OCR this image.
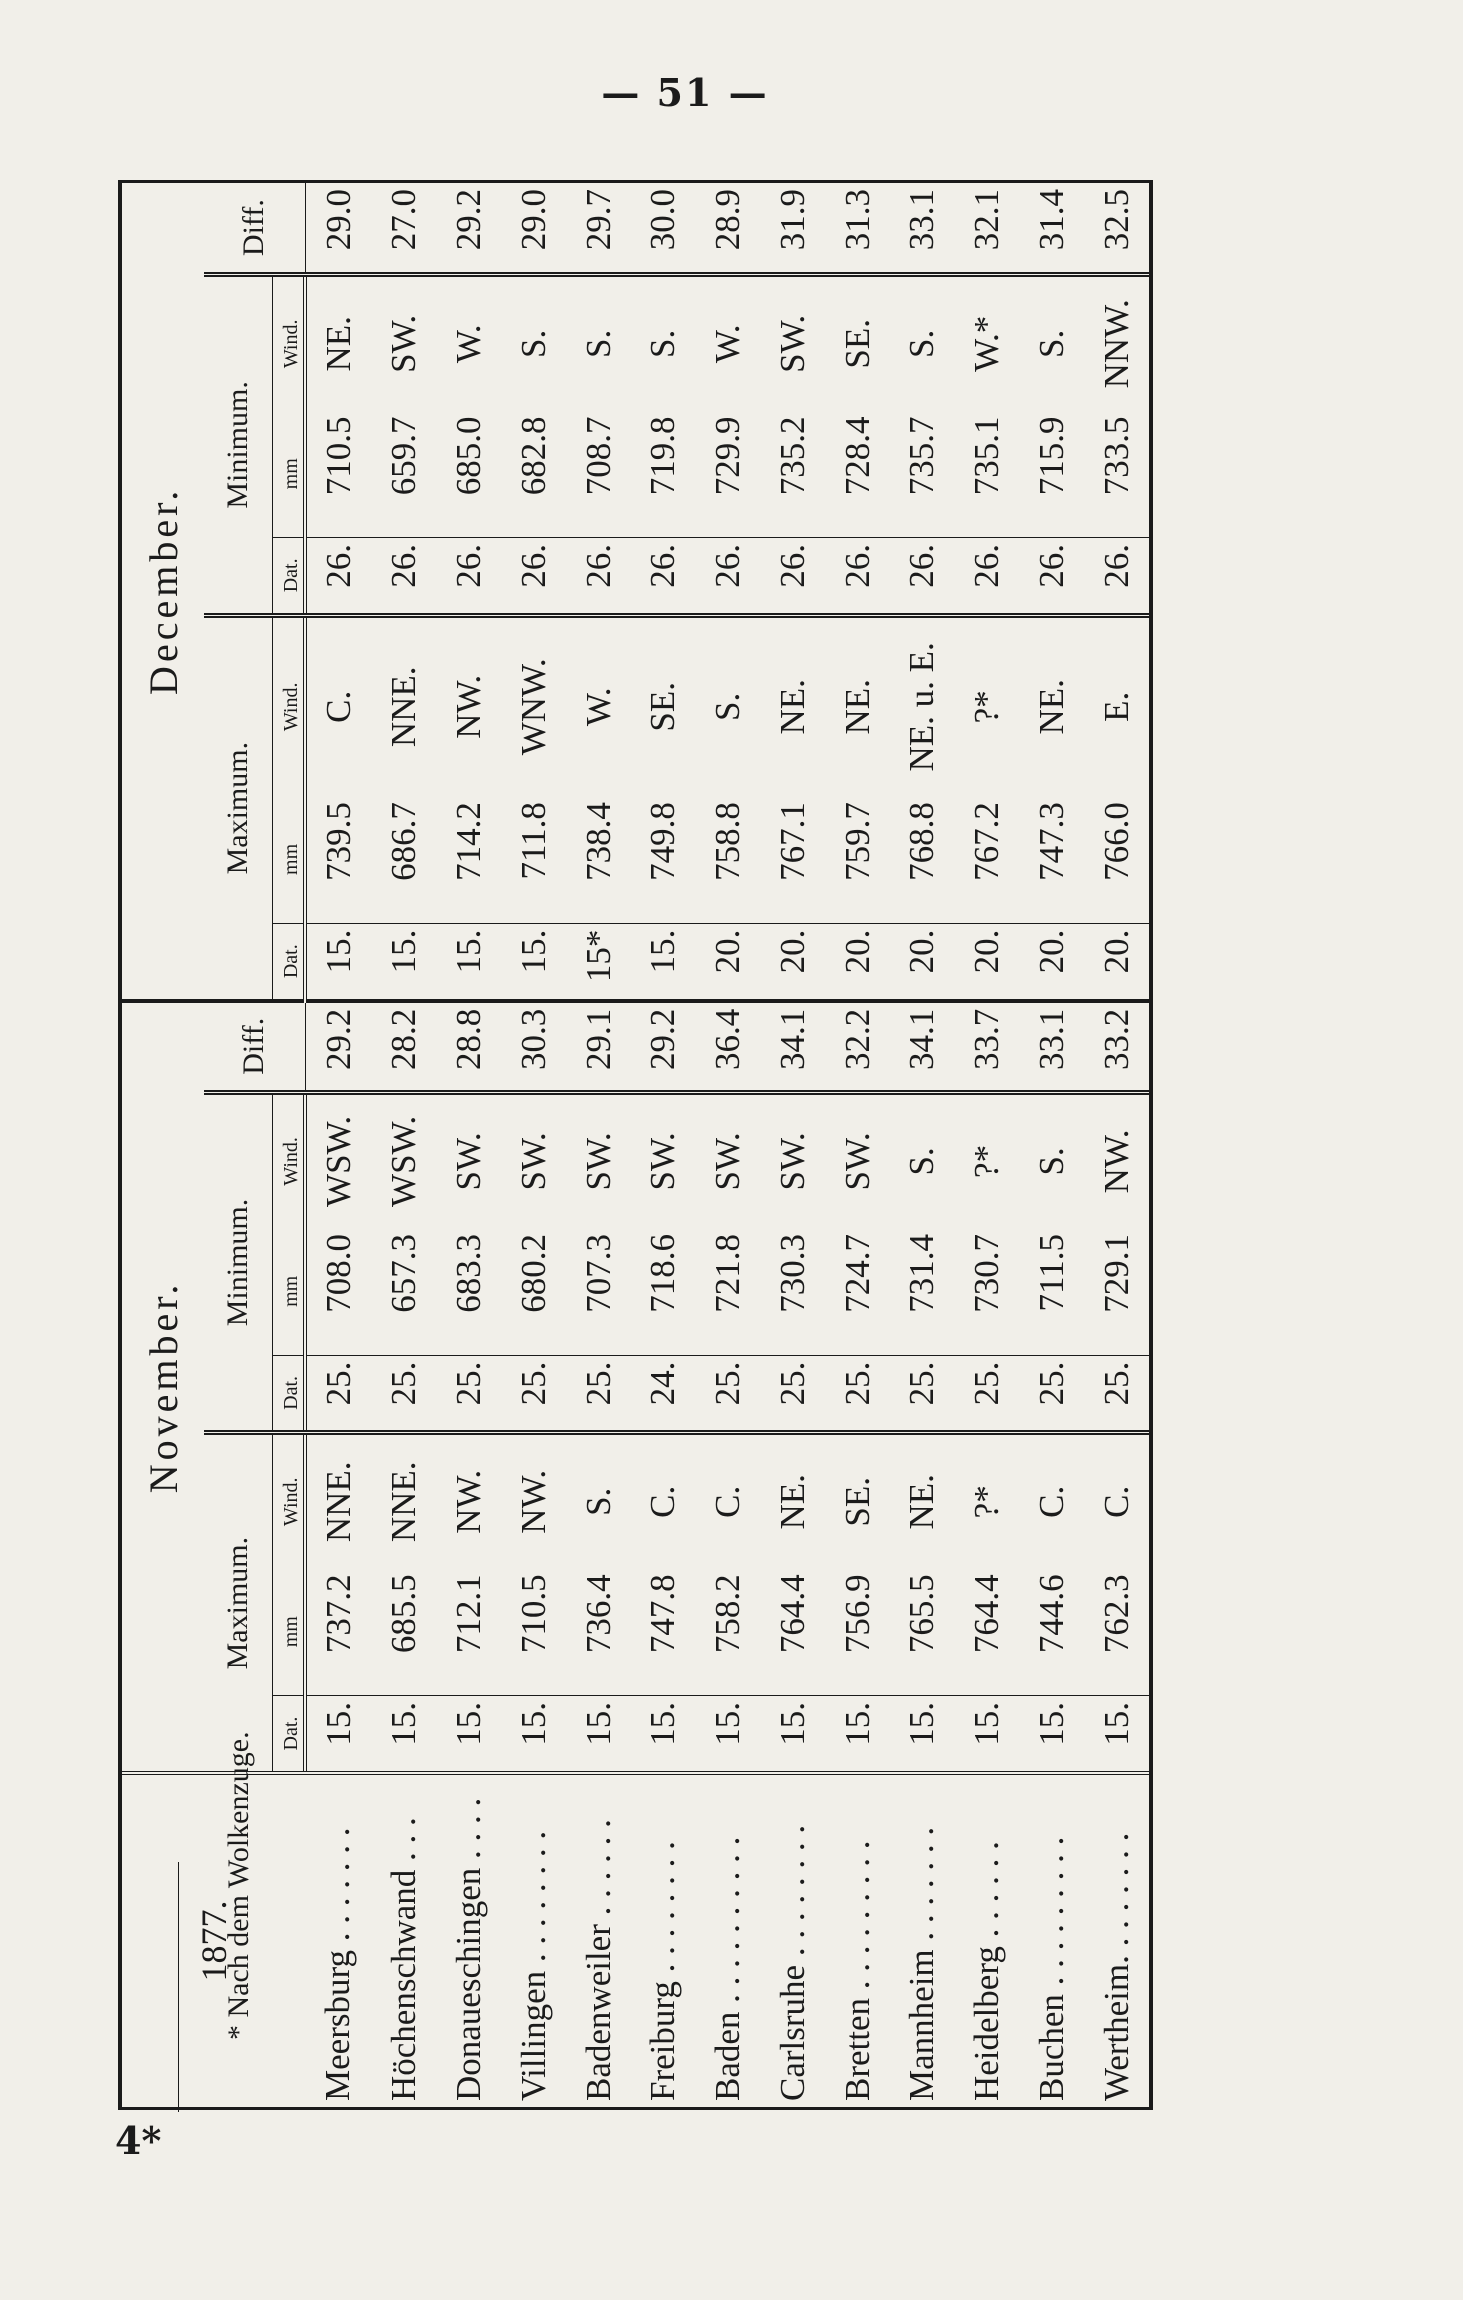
— 51 —
1877.	November.							December.						
	Maximum.			Minimum.			Diff.	Maximum.			Minimum.			Diff.
	Dat.	mm	Wind.	Dat.	mm	Wind.		Dat.	mm	Wind.	Dat.	mm	Wind.	
Meersburg . . . . . . .	15.	737.2	NNE.	25.	708.0	WSW.	29.2	15.	739.5	C.	26.	710.5	NE.	29.0
Höchenschwand . . .	15.	685.5	NNE.	25.	657.3	WSW.	28.2	15.	686.7	NNE.	26.	659.7	SW.	27.0
Donaueschingen . . . .	15.	712.1	NW.	25.	683.3	SW.	28.8	15.	714.2	NW.	26.	685.0	W.	29.2
Villingen . . . . . . . .	15.	710.5	NW.	25.	680.2	SW.	30.3	15.	711.8	WNW.	26.	682.8	S.	29.0
Badenweiler . . . . . .	15.	736.4	S.	25.	707.3	SW.	29.1	15*	738.4	W.	26.	708.7	S.	29.7
Freiburg . . . . . . . .	15.	747.8	C.	24.	718.6	SW.	29.2	15.	749.8	SE.	26.	719.8	S.	30.0
Baden . . . . . . . . . .	15.	758.2	C.	25.	721.8	SW.	36.4	20.	758.8	S.	26.	729.9	W.	28.9
Carlsruhe . . . . . . . .	15.	764.4	NE.	25.	730.3	SW.	34.1	20.	767.1	NE.	26.	735.2	SW.	31.9
Bretten . . . . . . . . .	15.	756.9	SE.	25.	724.7	SW.	32.2	20.	759.7	NE.	26.	728.4	SE.	31.3
Mannheim . . . . . . .	15.	765.5	NE.	25.	731.4	S.	34.1	20.	768.8	NE. u. E.	26.	735.7	S.	33.1
Heidelberg . . . . . .	15.	764.4	?*	25.	730.7	?*	33.7	20.	767.2	?*	26.	735.1	W.*	32.1
Buchen . . . . . . . . .	15.	744.6	C.	25.	711.5	S.	33.1	20.	747.3	NE.	26.	715.9	S.	31.4
Wertheim. . . . . . . .	15.	762.3	C.	25.	729.1	NW.	33.2	20.	766.0	E.	26.	733.5	NNW.	32.5
4*
* Nach dem Wolkenzuge.
